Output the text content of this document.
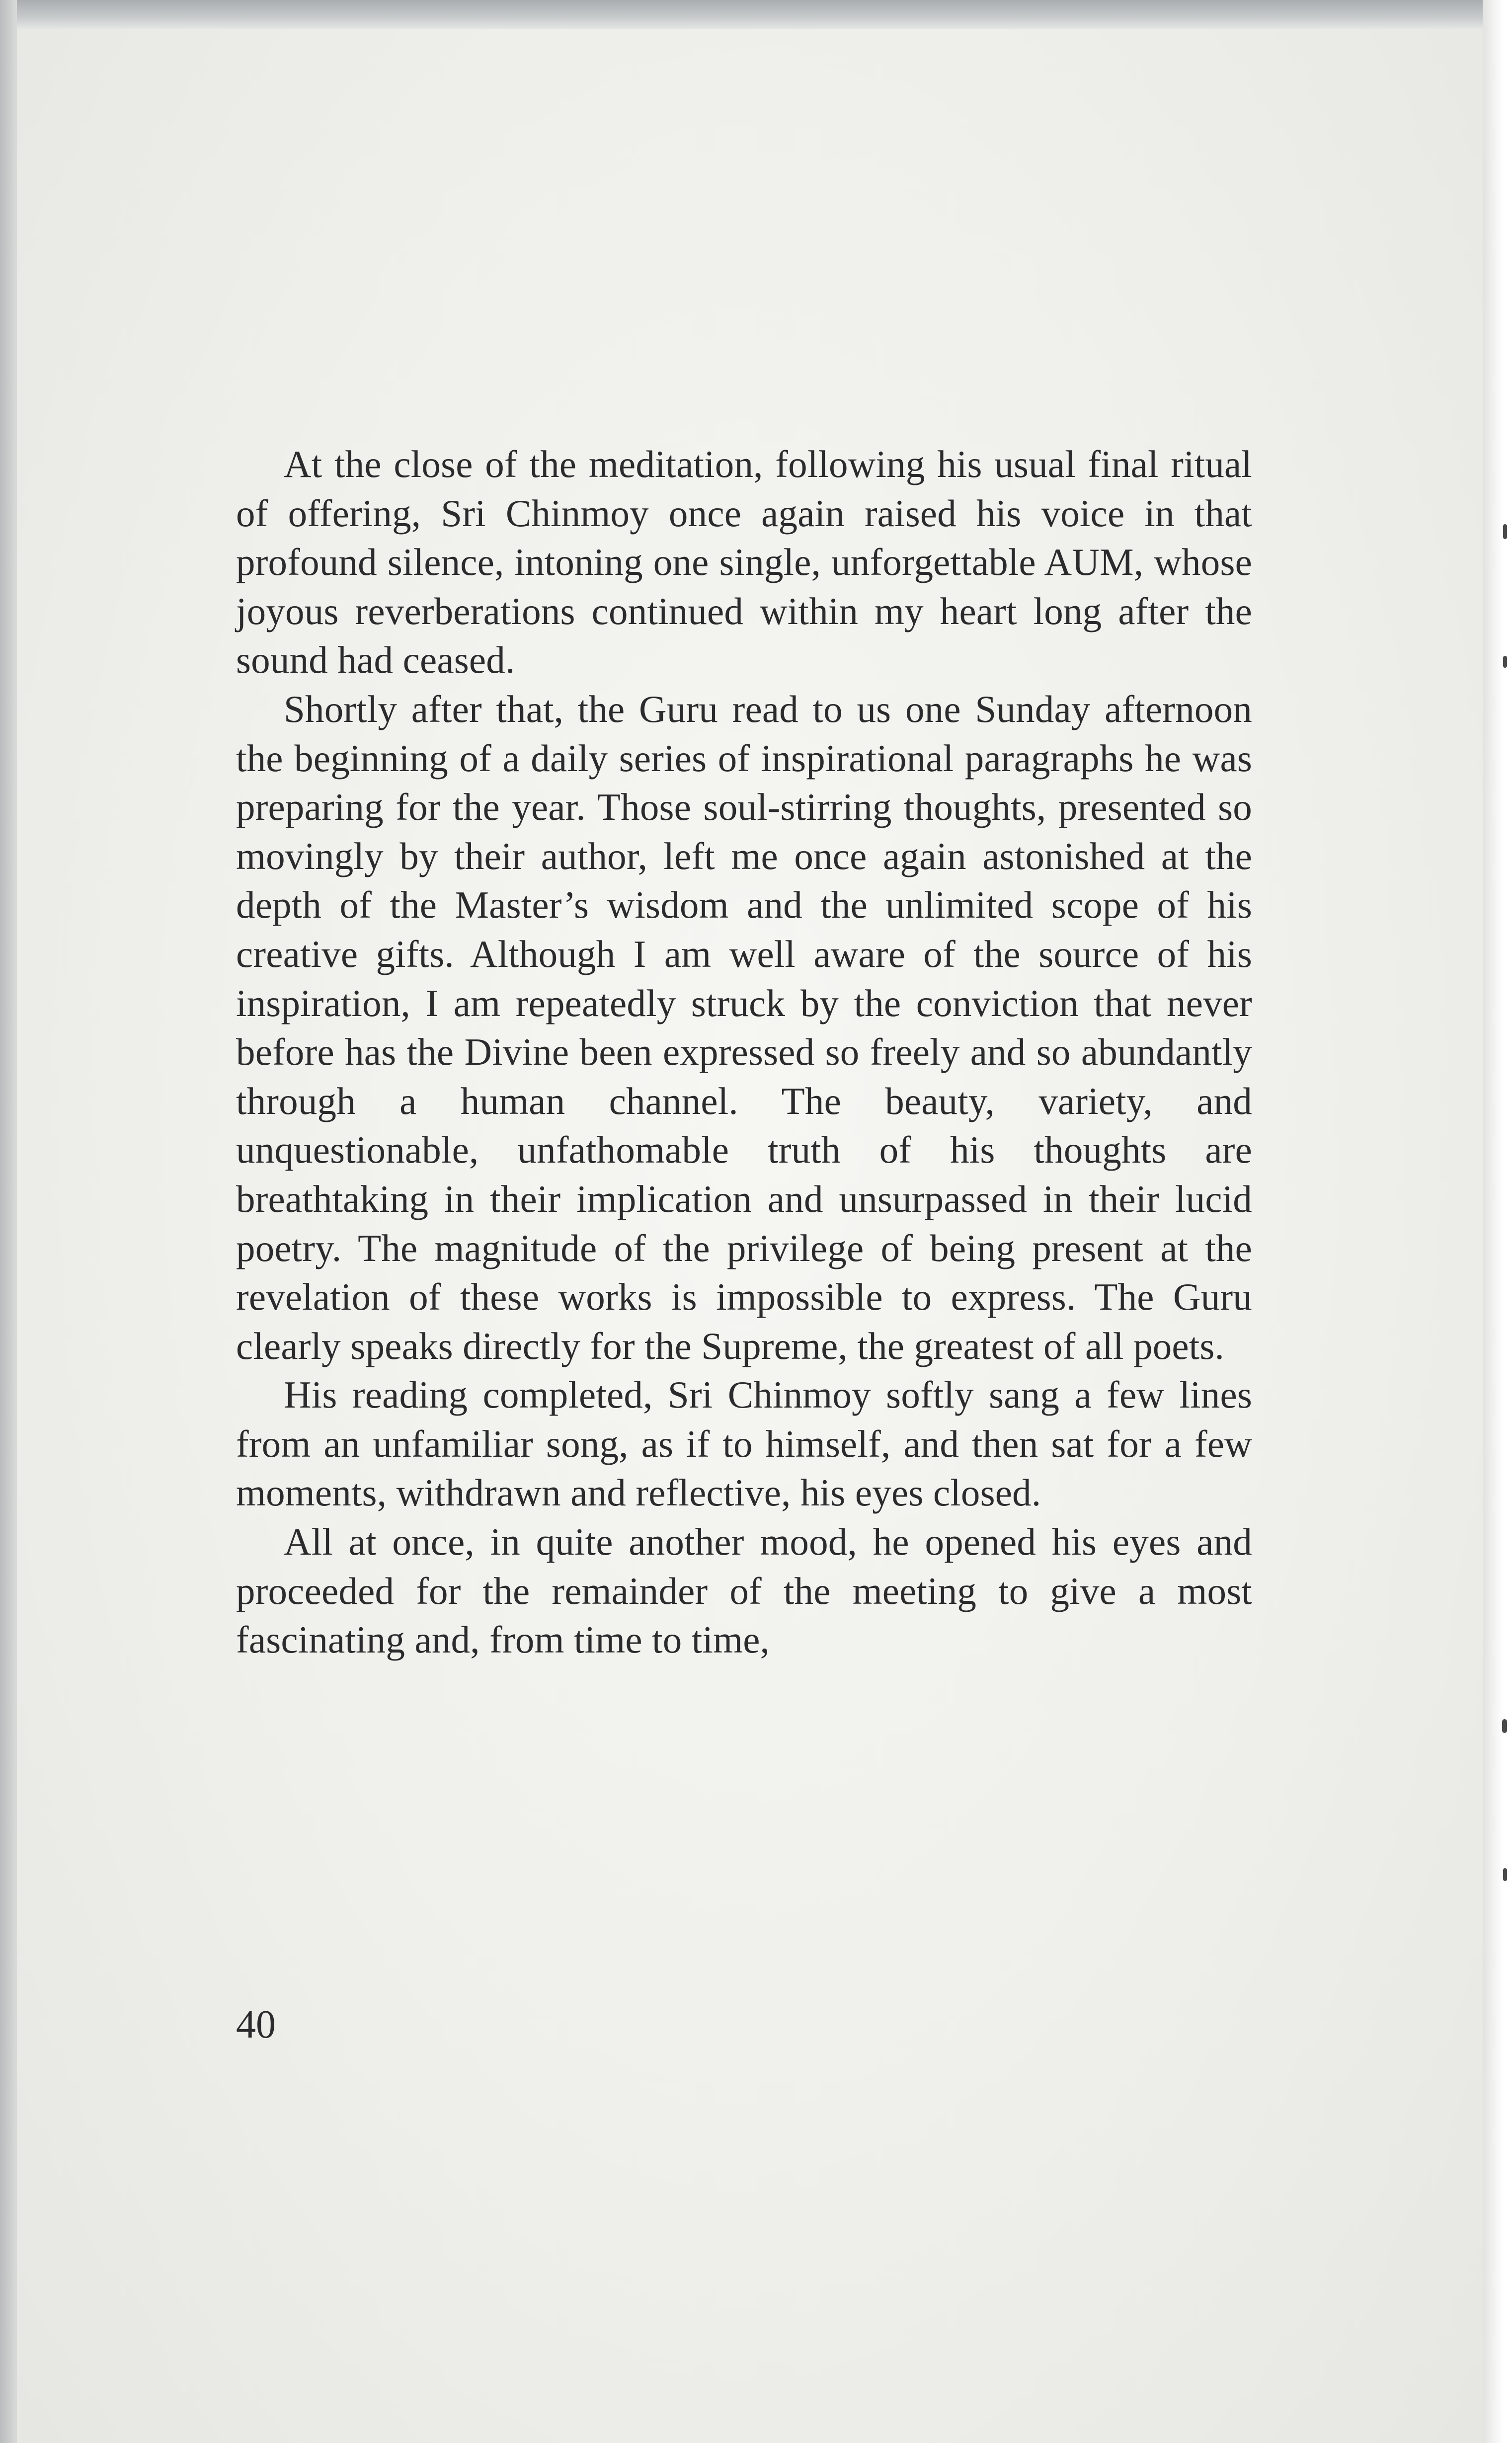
At the close of the meditation, following his usual final ritual of offering, Sri Chinmoy once again raised his voice in that profound silence, intoning one single, unforgettable AUM, whose joyous reverberations continued within my heart long after the sound had ceased.

Shortly after that, the Guru read to us one Sunday afternoon the beginning of a daily series of inspirational paragraphs he was preparing for the year. Those soul-stirring thoughts, presented so movingly by their author, left me once again astonished at the depth of the Master’s wisdom and the unlimited scope of his creative gifts. Although I am well aware of the source of his inspiration, I am repeatedly struck by the conviction that never before has the Divine been expressed so freely and so abundantly through a human channel. The beauty, variety, and unquestionable, unfathomable truth of his thoughts are breathtaking in their implication and unsurpassed in their lucid poetry. The magnitude of the privilege of being present at the revelation of these works is impossible to express. The Guru clearly speaks directly for the Supreme, the greatest of all poets.

His reading completed, Sri Chinmoy softly sang a few lines from an unfamiliar song, as if to himself, and then sat for a few moments, withdrawn and reflective, his eyes closed.

All at once, in quite another mood, he opened his eyes and proceeded for the remainder of the meeting to give a most fascinating and, from time to time,

40
